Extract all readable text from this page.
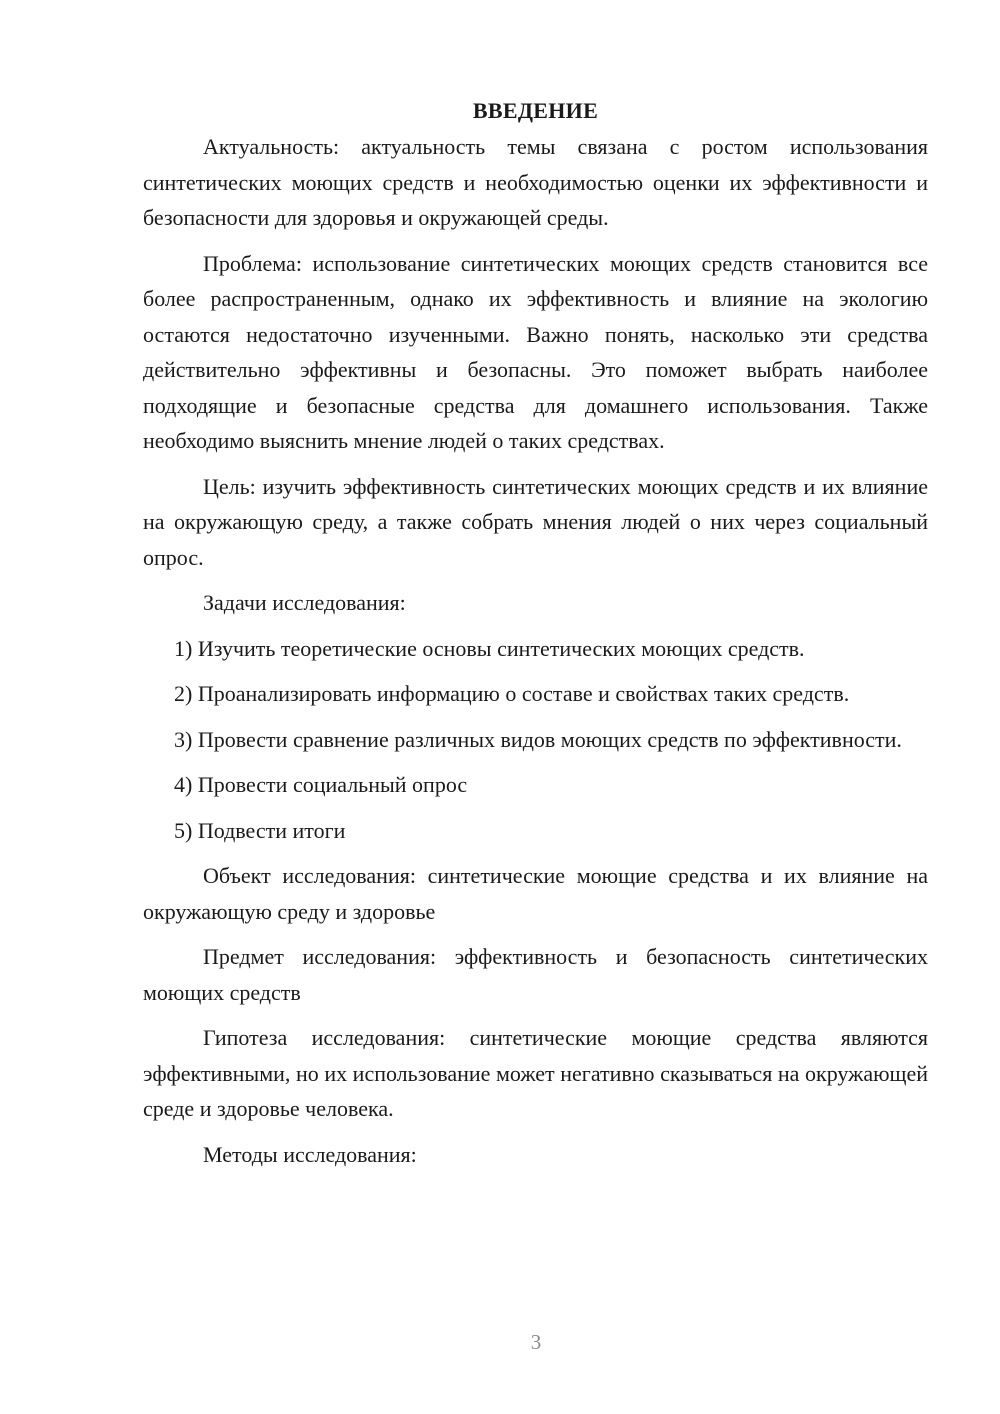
ВВЕДЕНИЕ

Актуальность: актуальность темы связана с ростом использования синтетических моющих средств и необходимостью оценки их эффективности и безопасности для здоровья и окружающей среды.

Проблема: использование синтетических моющих средств становится все более распространенным, однако их эффективность и влияние на экологию остаются недостаточно изученными. Важно понять, насколько эти средства действительно эффективны и безопасны. Это поможет выбрать наиболее подходящие и безопасные средства для домашнего использования. Также необходимо выяснить мнение людей о таких средствах.

Цель: изучить эффективность синтетических моющих средств и их влияние на окружающую среду, а также собрать мнения людей о них через социальный опрос.

Задачи исследования:

1) Изучить теоретические основы синтетических моющих средств.

2) Проанализировать информацию о составе и свойствах таких средств.

3) Провести сравнение различных видов моющих средств по эффективности.

4) Провести социальный опрос

5) Подвести итоги

Объект исследования: синтетические моющие средства и их влияние на окружающую среду и здоровье

Предмет исследования: эффективность и безопасность синтетических моющих средств

Гипотеза исследования: синтетические моющие средства являются эффективными, но их использование может негативно сказываться на окружающей среде и здоровье человека.

Методы исследования:

3
